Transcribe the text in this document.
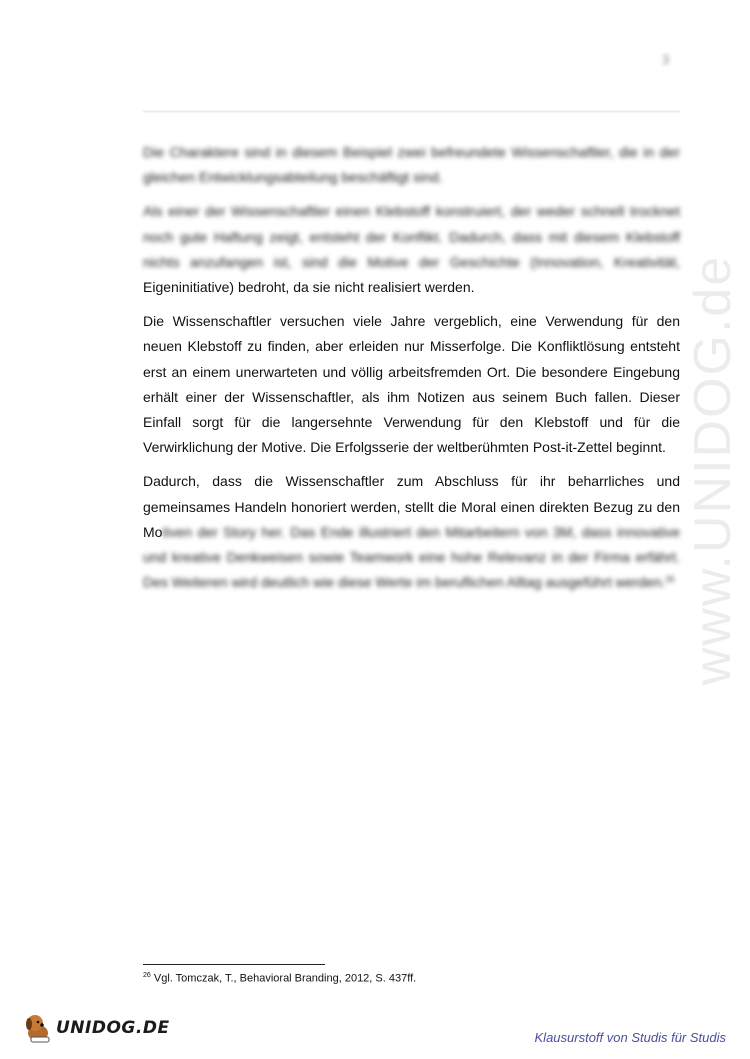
3
www.UNIDOG.de

Die Charaktere sind in diesem Beispiel zwei befreundete Wissenschaftler, die in der gleichen Entwicklungsabteilung beschäftigt sind.

Als einer der Wissenschaftler einen Klebstoff konstruiert, der weder schnell trocknet noch gute Haftung zeigt, entsteht der Konflikt. Dadurch, dass mit diesem Klebstoff nichts anzufangen ist, sind die Motive der Geschichte (Innovation, Kreativität, Eigeninitiative) bedroht, da sie nicht realisiert werden.

Die Wissenschaftler versuchen viele Jahre vergeblich, eine Verwendung für den neuen Klebstoff zu finden, aber erleiden nur Misserfolge. Die Konfliktlösung entsteht erst an einem unerwarteten und völlig arbeitsfremden Ort. Die besondere Eingebung erhält einer der Wissenschaftler, als ihm Notizen aus seinem Buch fallen. Dieser Einfall sorgt für die langersehnte Verwendung für den Klebstoff und für die Verwirklichung der Motive. Die Erfolgsserie der weltberühmten Post-it-Zettel beginnt.

Dadurch, dass die Wissenschaftler zum Abschluss für ihr beharrliches und gemeinsames Handeln honoriert werden, stellt die Moral einen direkten Bezug zu den Motiven der Story her. Das Ende illustriert den Mitarbeitern von 3M, dass innovative und kreative Denkweisen sowie Teamwork eine hohe Relevanz in der Firma erfährt. Des Weiteren wird deutlich wie diese Werte im beruflichen Alltag ausgeführt werden.$^{26}$

$^{26}$ Vgl. Tomczak, T., Behavioral Branding, 2012, S. 437ff.
UNIDOG.DE	Klausurstoff von Studis für Studis
